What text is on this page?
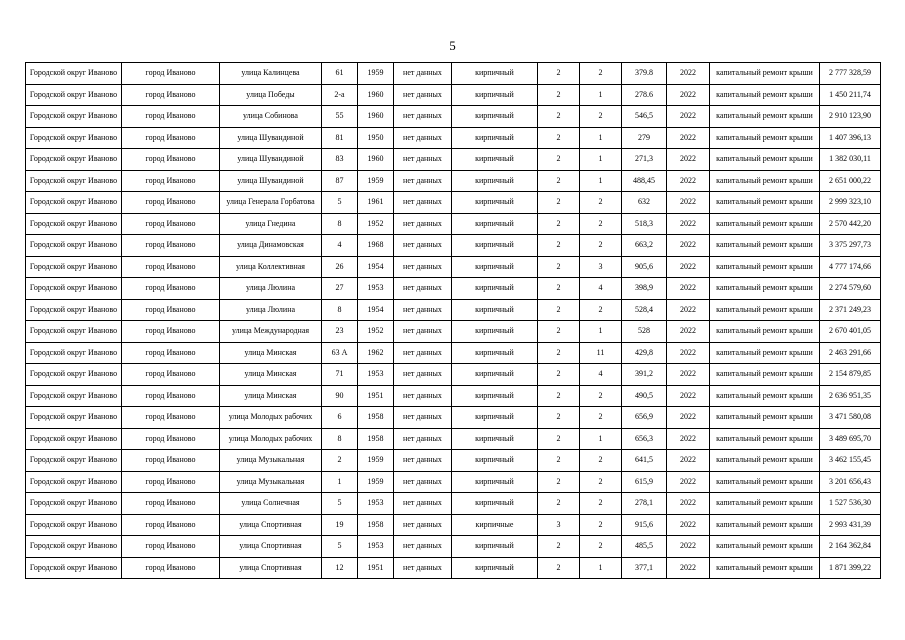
5
Городской округ Иваново	город Иваново	улица Калинцева	61	1959	нет данных	кирпичный	2	2	379.8	2022	капитальный ремонт крыши	2 777 328,59
Городской округ Иваново	город Иваново	улица Победы	2-а	1960	нет данных	кирпичный	2	1	278.6	2022	капитальный ремонт крыши	1 450 211,74
Городской округ Иваново	город Иваново	улица Собинова	55	1960	нет данных	кирпичный	2	2	546,5	2022	капитальный ремонт крыши	2 910 123,90
Городской округ Иваново	город Иваново	улица Шувандиной	81	1950	нет данных	кирпичный	2	1	279	2022	капитальный ремонт крыши	1 407 396,13
Городской округ Иваново	город Иваново	улица Шувандиной	83	1960	нет данных	кирпичный	2	1	271,3	2022	капитальный ремонт крыши	1 382 030,11
Городской округ Иваново	город Иваново	улица Шувандиной	87	1959	нет данных	кирпичный	2	1	488,45	2022	капитальный ремонт крыши	2 651 000,22
Городской округ Иваново	город Иваново	улица Генерала Горбатова	5	1961	нет данных	кирпичный	2	2	632	2022	капитальный ремонт крыши	2 999 323,10
Городской округ Иваново	город Иваново	улица Гнедина	8	1952	нет данных	кирпичный	2	2	518,3	2022	капитальный ремонт крыши	2 570 442,20
Городской округ Иваново	город Иваново	улица Динамовская	4	1968	нет данных	кирпичный	2	2	663,2	2022	капитальный ремонт крыши	3 375 297,73
Городской округ Иваново	город Иваново	улица Коллективная	26	1954	нет данных	кирпичный	2	3	905,6	2022	капитальный ремонт крыши	4 777 174,66
Городской округ Иваново	город Иваново	улица Люлина	27	1953	нет данных	кирпичный	2	4	398,9	2022	капитальный ремонт крыши	2 274 579,60
Городской округ Иваново	город Иваново	улица Люлина	8	1954	нет данных	кирпичный	2	2	528,4	2022	капитальный ремонт крыши	2 371 249,23
Городской округ Иваново	город Иваново	улица Международная	23	1952	нет данных	кирпичный	2	1	528	2022	капитальный ремонт крыши	2 670 401,05
Городской округ Иваново	город Иваново	улица Минская	63 А	1962	нет данных	кирпичный	2	11	429,8	2022	капитальный ремонт крыши	2 463 291,66
Городской округ Иваново	город Иваново	улица Минская	71	1953	нет данных	кирпичный	2	4	391,2	2022	капитальный ремонт крыши	2 154 879,85
Городской округ Иваново	город Иваново	улица Минская	90	1951	нет данных	кирпичный	2	2	490,5	2022	капитальный ремонт крыши	2 636 951,35
Городской округ Иваново	город Иваново	улица Молодых рабочих	6	1958	нет данных	кирпичный	2	2	656,9	2022	капитальный ремонт крыши	3 471 580,08
Городской округ Иваново	город Иваново	улица Молодых рабочих	8	1958	нет данных	кирпичный	2	1	656,3	2022	капитальный ремонт крыши	3 489 695,70
Городской округ Иваново	город Иваново	улица Музыкальная	2	1959	нет данных	кирпичный	2	2	641,5	2022	капитальный ремонт крыши	3 462 155,45
Городской округ Иваново	город Иваново	улица Музыкальная	1	1959	нет данных	кирпичный	2	2	615,9	2022	капитальный ремонт крыши	3 201 656,43
Городской округ Иваново	город Иваново	улица Солнечная	5	1953	нет данных	кирпичный	2	2	278,1	2022	капитальный ремонт крыши	1 527 536,30
Городской округ Иваново	город Иваново	улица Спортивная	19	1958	нет данных	кирпичные	3	2	915,6	2022	капитальный ремонт крыши	2 993 431,39
Городской округ Иваново	город Иваново	улица Спортивная	5	1953	нет данных	кирпичный	2	2	485,5	2022	капитальный ремонт крыши	2 164 362,84
Городской округ Иваново	город Иваново	улица Спортивная	12	1951	нет данных	кирпичный	2	1	377,1	2022	капитальный ремонт крыши	1 871 399,22
